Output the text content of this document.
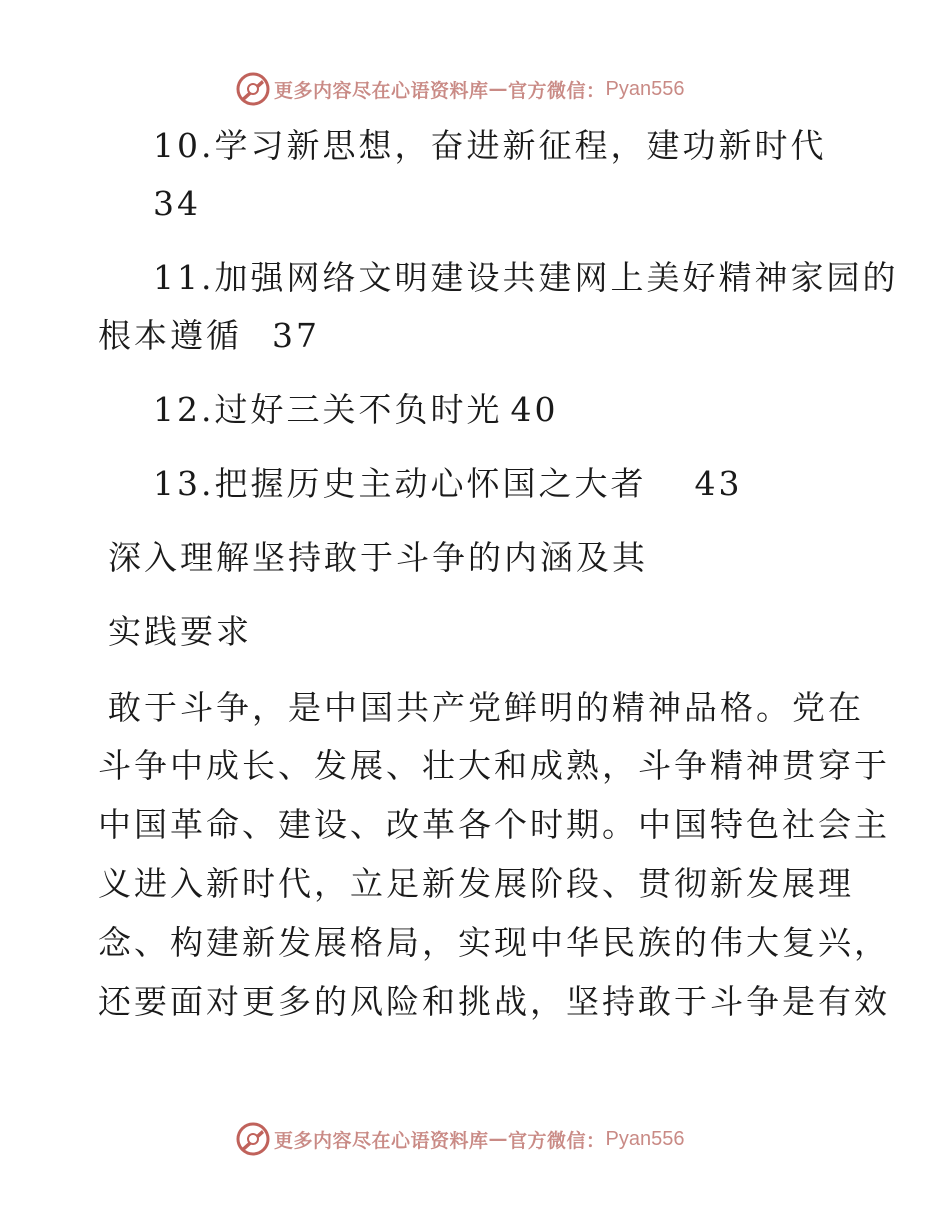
更多内容尽在心语资料库 — 官方微信： Pyan556

10.学习新思想，奋进新征程，建功新时代

34

11.加强网络文明建设共建网上美好精神家园的

根本遵循 37
12.过好三关不负时光 40
13.把握历史主动心怀国之大者 43

深入理解坚持敢于斗争的内涵及其

实践要求

敢于斗争，是中国共产党鲜明的精神品格。党在

斗争中成长、发展、壮大和成熟，斗争精神贯穿于

中国革命、建设、改革各个时期。中国特色社会主

义进入新时代，立足新发展阶段、贯彻新发展理

念、构建新发展格局，实现中华民族的伟大复兴，

还要面对更多的风险和挑战，坚持敢于斗争是有效

更多内容尽在心语资料库 — 官方微信： Pyan556
